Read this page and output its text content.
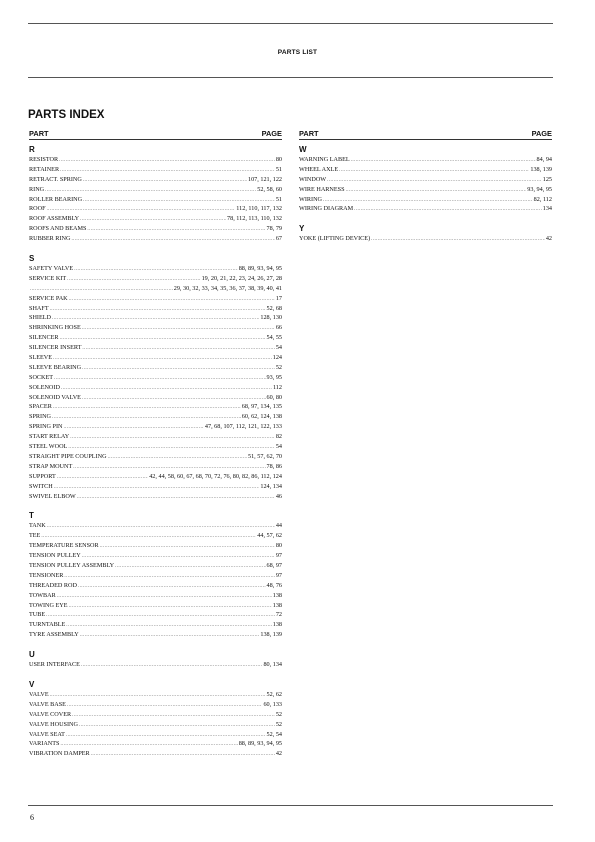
PARTS LIST
PARTS INDEX
PART	PAGE
R
RESISTOR .....	80
RETAINER .....	51
RETRACT. SPRING .....	107, 121, 122
RING .....	52, 58, 60
ROLLER BEARING .....	51
ROOF .....	112, 110, 117, 132
ROOF ASSEMBLY .....	78, 112, 113, 110, 132
ROOFS AND BEAMS .....	78, 79
RUBBER RING .....	67
S
SAFETY VALVE .....	88, 89, 93, 94, 95
SERVICE KIT .....	19, 20, 21, 22, 23, 24, 26, 27, 28
.....
29, 30, 32, 33, 34, 35, 36, 37, 38, 39, 40, 41
SERVICE PAK .....	17
SHAFT .....	52, 68
SHIELD .....	128, 130
SHRINKING HOSE .....	66
SILENCER .....	54, 55
SILENCER INSERT .....	54
SLEEVE .....	124
SLEEVE BEARING .....	52
SOCKET .....	93, 95
SOLENOID .....	112
SOLENOID VALVE .....	60, 80
SPACER .....	68, 97, 134, 135
SPRING .....	60, 62, 124, 138
SPRING PIN .....	47, 68, 107, 112, 121, 122, 133
START RELAY .....	82
STEEL WOOL .....	54
STRAIGHT PIPE COUPLING .....	51, 57, 62, 70
STRAP MOUNT .....	78, 86
SUPPORT .....	42, 44, 58, 60, 67, 68, 70, 72, 76, 80, 82, 86, 112, 124
SWITCH .....	124, 134
SWIVEL ELBOW .....	46
T
TANK .....	44
TEE .....	44, 57, 62
TEMPERATURE SENSOR .....	80
TENSION PULLEY .....	97
TENSION PULLEY ASSEMBLY .....	68, 97
TENSIONER .....	97
THREADED ROD .....	48, 76
TOWBAR .....	138
TOWING EYE .....	138
TUBE .....	72
TURNTABLE .....	138
TYRE ASSEMBLY .....	138, 139
U
USER INTERFACE .....	80, 134
V
VALVE .....	52, 62
VALVE BASE .....	60, 133
VALVE COVER .....	52
VALVE HOUSING .....	52
VALVE SEAT .....	52, 54
VARIANTS .....	88, 89, 93, 94, 95
VIBRATION DAMPER .....	42
PART	PAGE
W
WARNING LABEL .....	84, 94
WHEEL AXLE .....	138, 139
WINDOW .....	125
WIRE HARNESS .....	93, 94, 95
WIRING .....	82, 112
WIRING DIAGRAM .....	134
Y
YOKE (LIFTING DEVICE) .....	42
6
